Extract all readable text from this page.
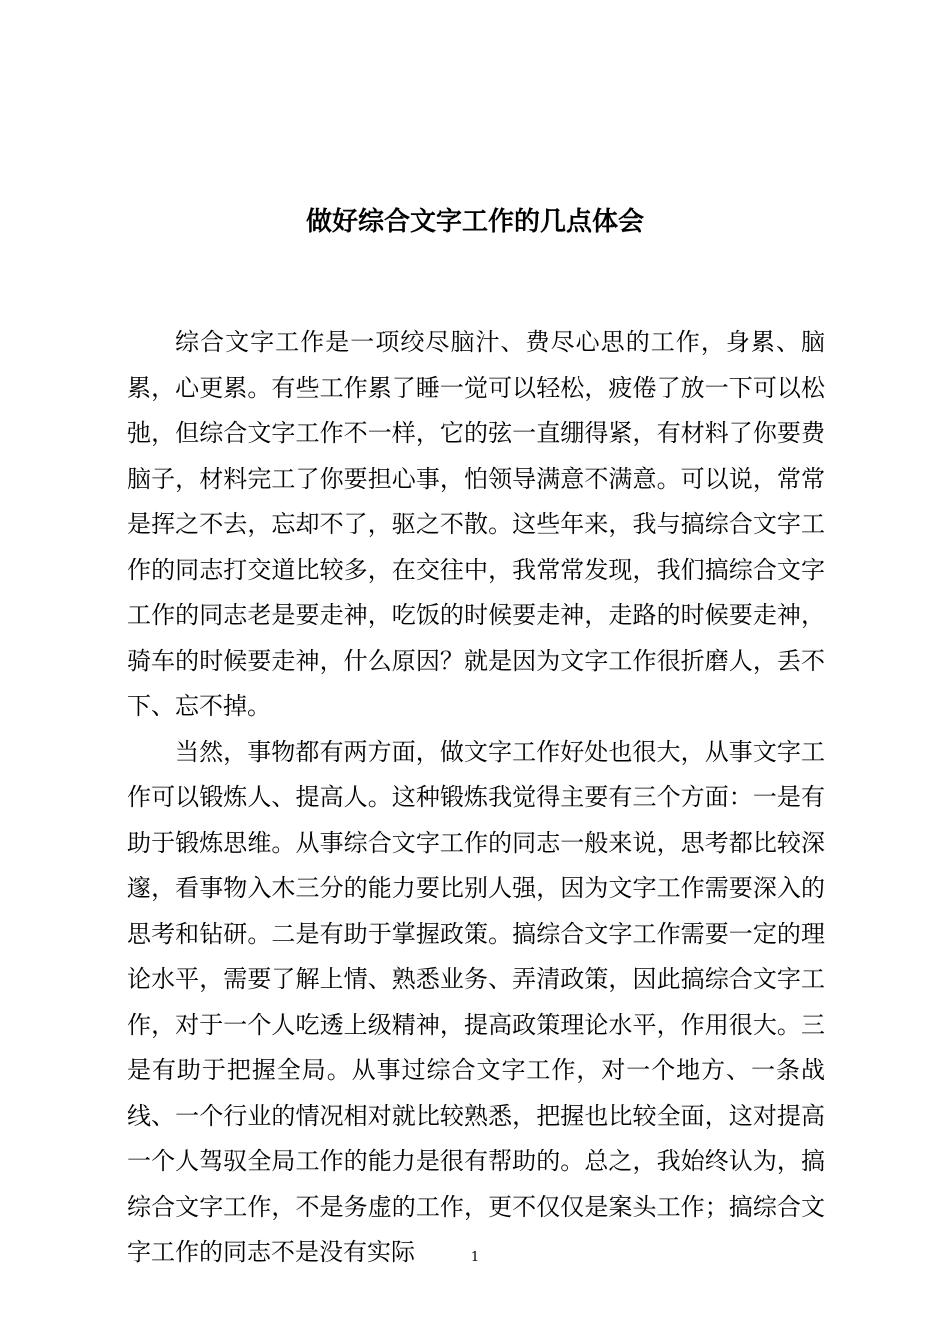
做好综合文字工作的几点体会

综合文字工作是一项绞尽脑汁、费尽心思的工作，身累、脑累，心更累。有些工作累了睡一觉可以轻松，疲倦了放一下可以松弛，但综合文字工作不一样，它的弦一直绷得紧，有材料了你要费脑子，材料完工了你要担心事，怕领导满意不满意。可以说，常常是挥之不去，忘却不了，驱之不散。这些年来，我与搞综合文字工作的同志打交道比较多，在交往中，我常常发现，我们搞综合文字工作的同志老是要走神，吃饭的时候要走神，走路的时候要走神，骑车的时候要走神，什么原因？就是因为文字工作很折磨人，丢不下、忘不掉。

当然，事物都有两方面，做文字工作好处也很大，从事文字工作可以锻炼人、提高人。这种锻炼我觉得主要有三个方面：一是有助于锻炼思维。从事综合文字工作的同志一般来说，思考都比较深邃，看事物入木三分的能力要比别人强，因为文字工作需要深入的思考和钻研。二是有助于掌握政策。搞综合文字工作需要一定的理论水平，需要了解上情、熟悉业务、弄清政策，因此搞综合文字工作，对于一个人吃透上级精神，提高政策理论水平，作用很大。三是有助于把握全局。从事过综合文字工作，对一个地方、一条战线、一个行业的情况相对就比较熟悉，把握也比较全面，这对提高一个人驾驭全局工作的能力是很有帮助的。总之，我始终认为，搞综合文字工作，不是务虚的工作，更不仅仅是案头工作；搞综合文字工作的同志不是没有实际	1
